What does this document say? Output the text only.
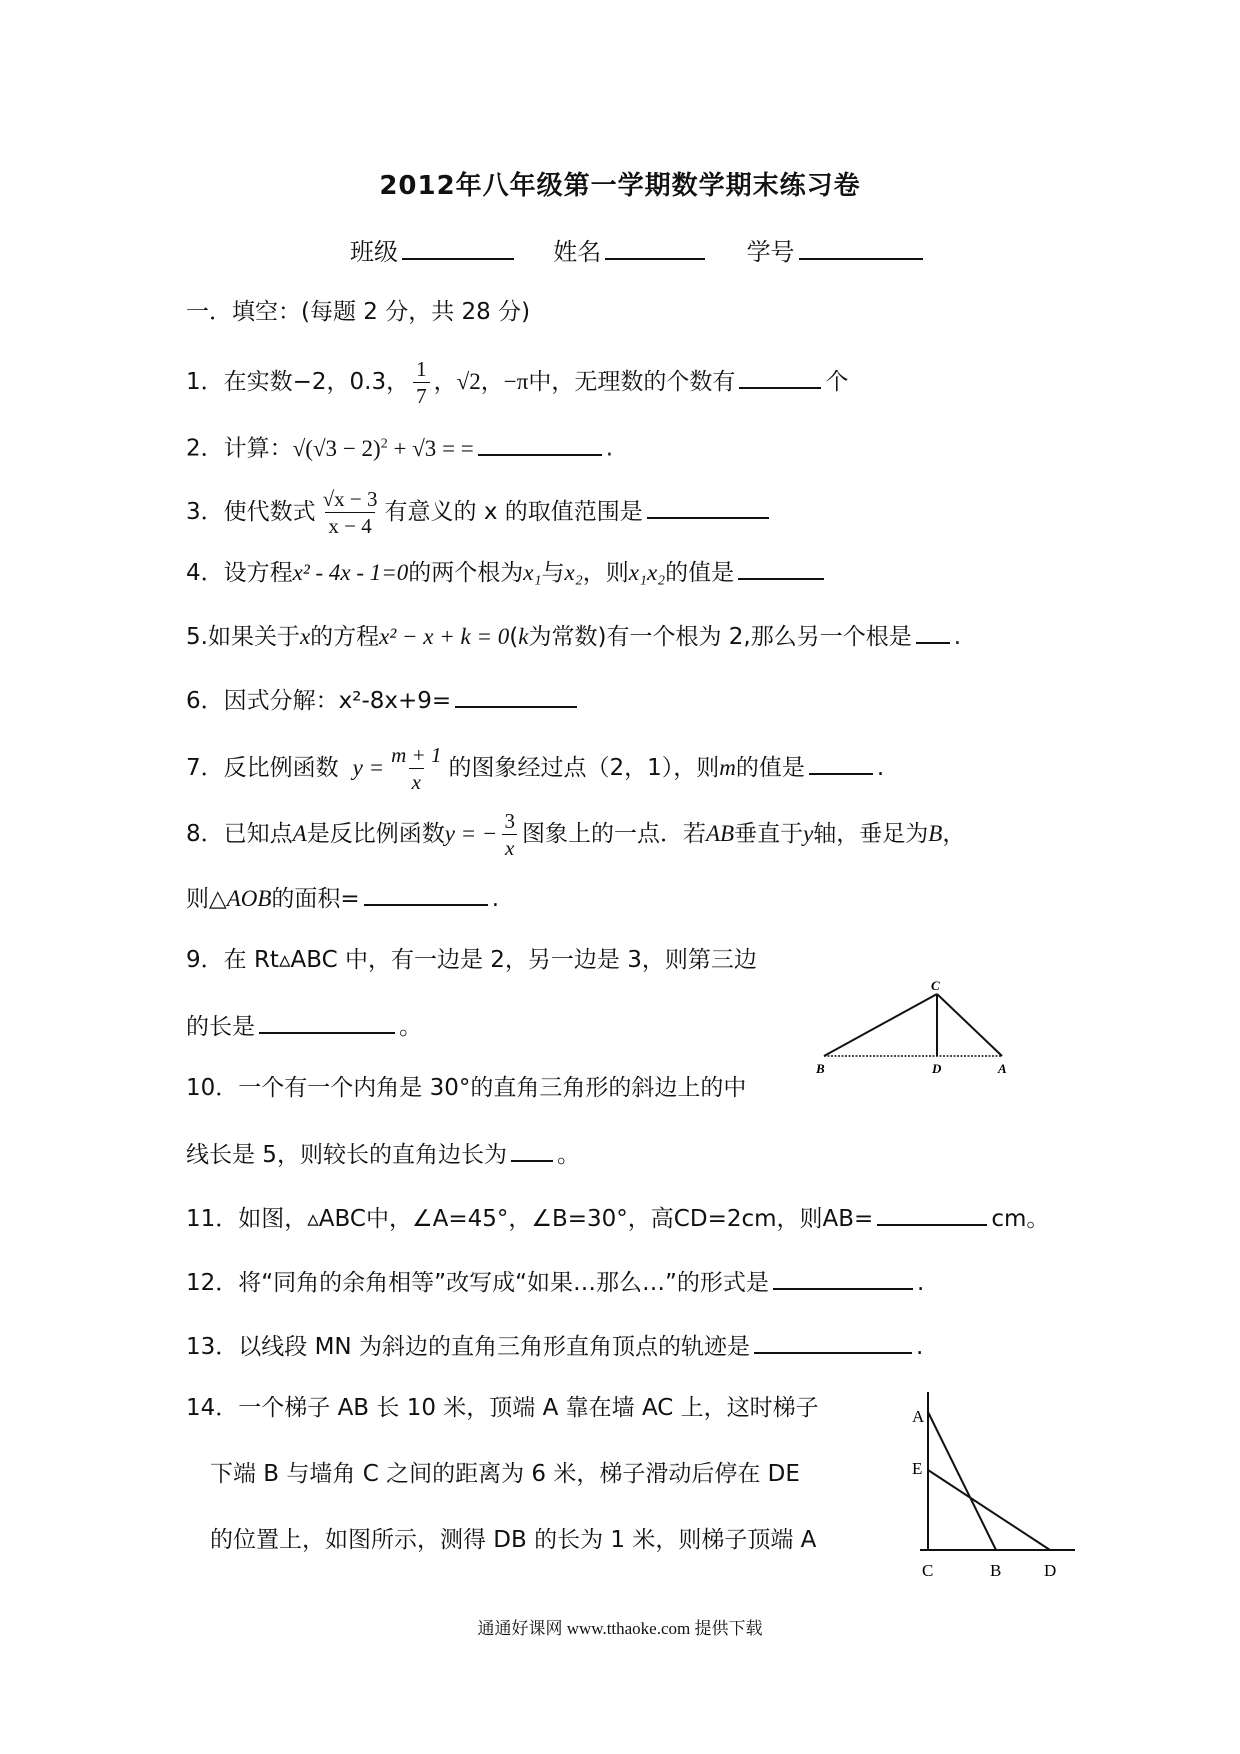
2012年八年级第一学期数学期末练习卷
班级	姓名	学号
一．填空：(每题 2 分，共 28 分)
1．在实数−2，0.3， $\frac{1}{7}$ ，√2，−π中，无理数的个数有	个
2．计算：$√(√3 - 2)^2 + √3$ = =	.
3．使代数式 $\frac{√x - 3}{x - 4}$ 有意义的 x 的取值范围是
4．设方程x² - 4x - 1=0的两个根为x₁与x₂，则x₁x₂的值是
5.如果关于x的方程x² − x + k = 0(k为常数)有一个根为 2,那么另一个根是 .
6．因式分解：x²-8x+9=
7．反比例函数 $y = \frac{m + 1}{x}$ 的图象经过点（2，1），则m的值是	.
8．已知点A是反比例函数y = − $\frac{3}{x}$ 图象上的一点．若AB垂直于y轴，垂足为B，
则△AOB的面积=	.
9．在 Rt▵ABC 中，有一边是 2，另一边是 3，则第三边
的长是	。
C
B	D	A
10．一个有一个内角是 30°的直角三角形的斜边上的中
线长是 5，则较长的直角边长为 。
11．如图，▵ABC中，∠A=45°，∠B=30°，高CD=2cm，则AB=	cm。
12．将“同角的余角相等”改写成“如果…那么…”的形式是	.
13．以线段 MN 为斜边的直角三角形直角顶点的轨迹是	.
14．一个梯子 AB 长 10 米，顶端 A 靠在墙 AC 上，这时梯子
下端 B 与墙角 C 之间的距离为 6 米，梯子滑动后停在 DE
的位置上，如图所示，测得 DB 的长为 1 米，则梯子顶端 A
A
E
C	B	D
通通好课网 www.tthaoke.com 提供下载
